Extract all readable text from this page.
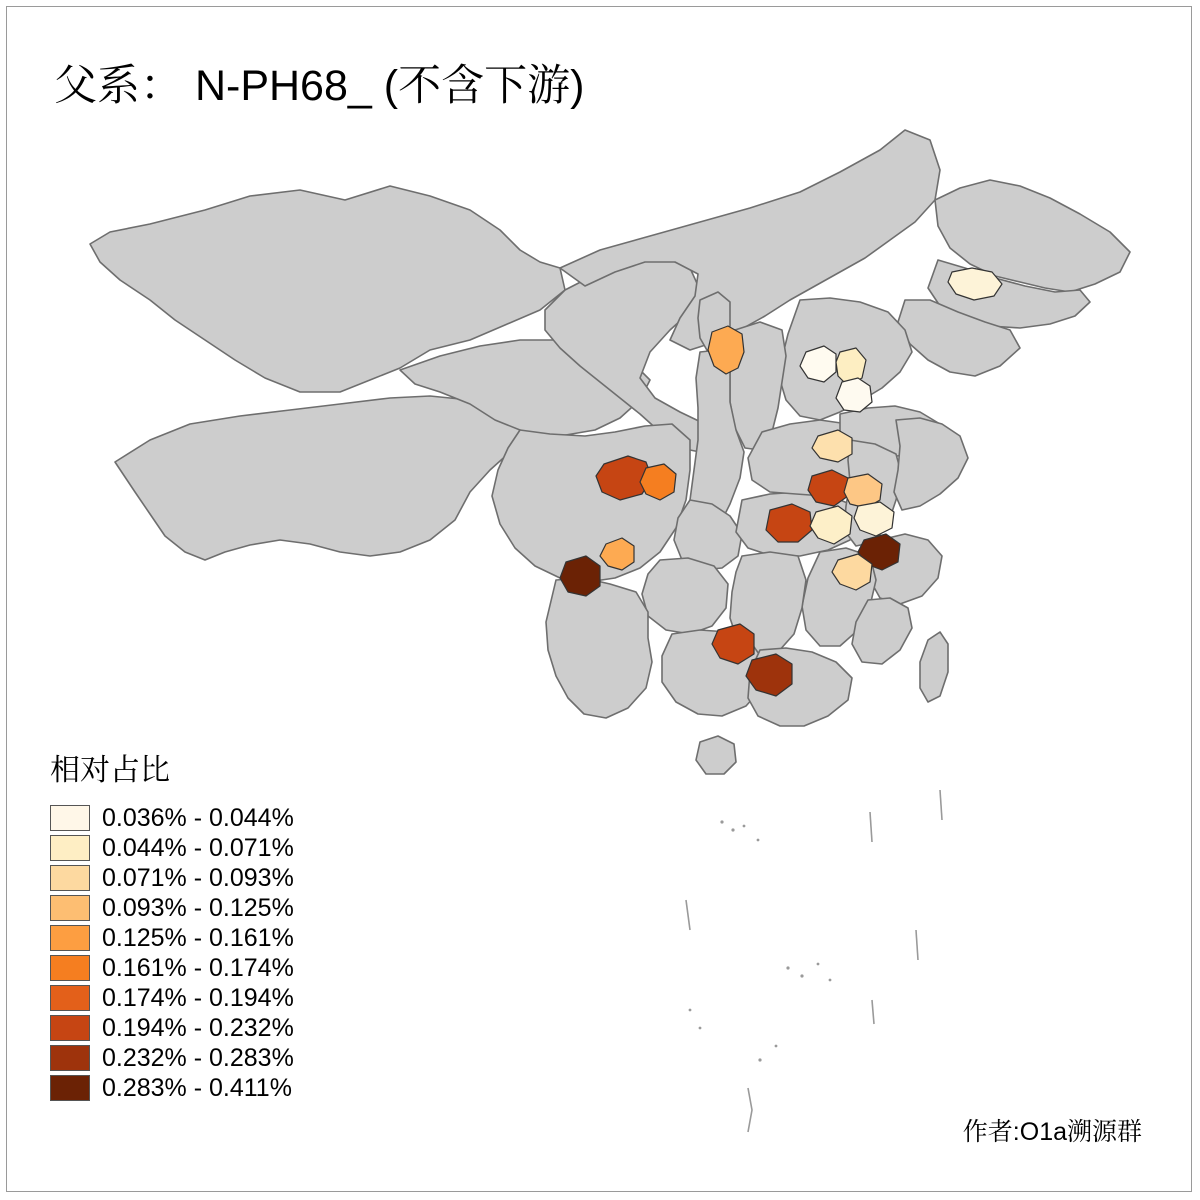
父系： N-PH68_ (不含下游)
相对占比
0.036% - 0.044%
0.044% - 0.071%
0.071% - 0.093%
0.093% - 0.125%
0.125% - 0.161%
0.161% - 0.174%
0.174% - 0.194%
0.194% - 0.232%
0.232% - 0.283%
0.283% - 0.411%
作者:O1a溯源群
